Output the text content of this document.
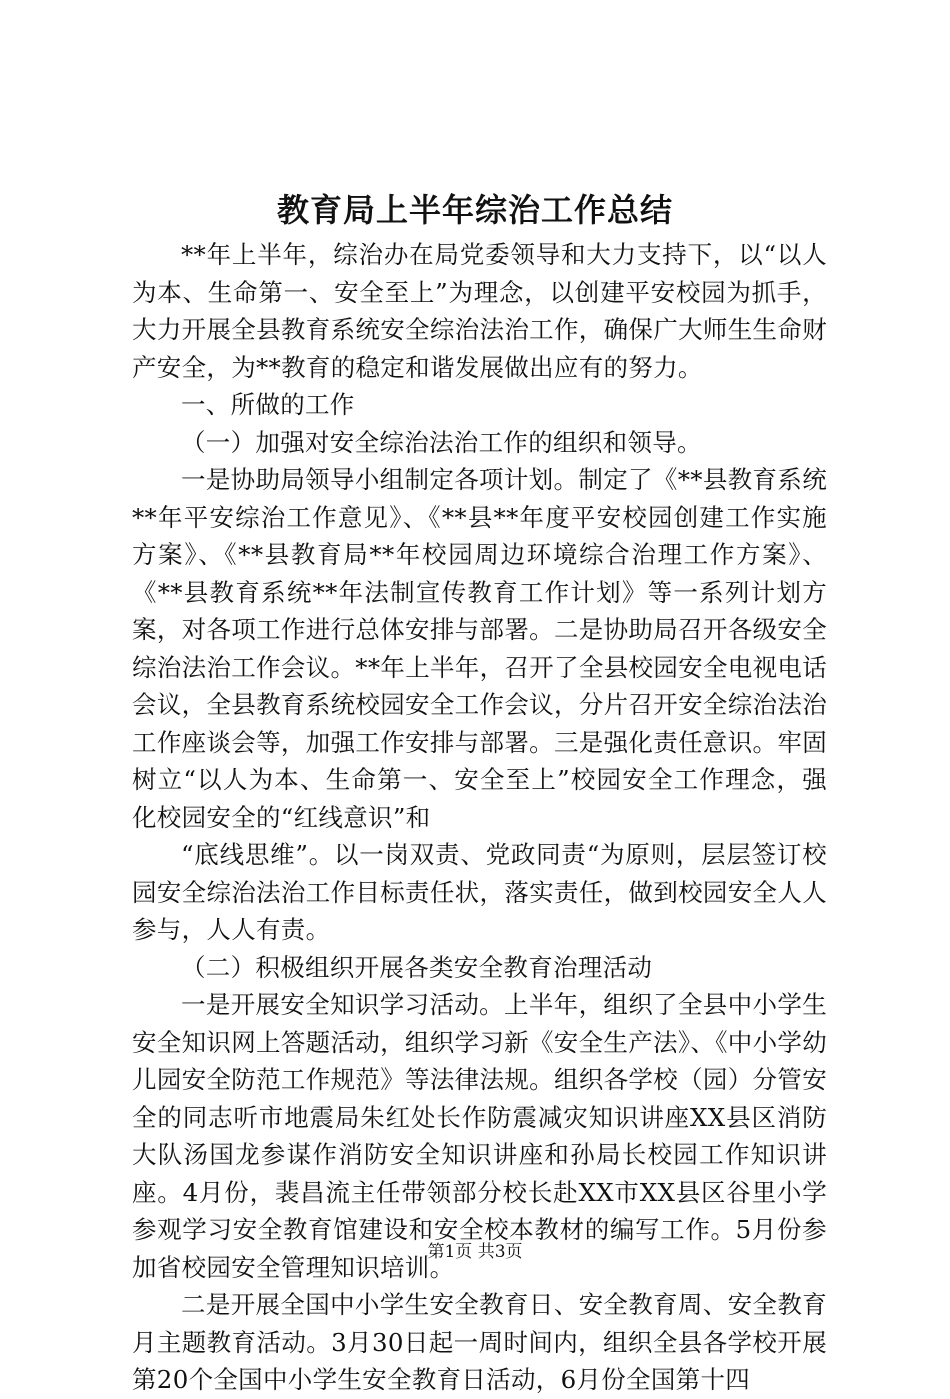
教育局上半年综治工作总结

**年上半年，综治办在局党委领导和大力支持下，以“以人为本、生命第一、安全至上”为理念，以创建平安校园为抓手，大力开展全县教育系统安全综治法治工作，确保广大师生生命财产安全，为**教育的稳定和谐发展做出应有的努力。

一、所做的工作

（一）加强对安全综治法治工作的组织和领导。

一是协助局领导小组制定各项计划。制定了《**县教育系统**年平安综治工作意见》、《**县**年度平安校园创建工作实施方案》、《**县教育局**年校园周边环境综合治理工作方案》、《**县教育系统**年法制宣传教育工作计划》等一系列计划方案，对各项工作进行总体安排与部署。二是协助局召开各级安全综治法治工作会议。**年上半年，召开了全县校园安全电视电话会议，全县教育系统校园安全工作会议，分片召开安全综治法治工作座谈会等，加强工作安排与部署。三是强化责任意识。牢固树立“以人为本、生命第一、安全至上”校园安全工作理念，强化校园安全的“红线意识”和

“底线思维”。以一岗双责、党政同责“为原则，层层签订校园安全综治法治工作目标责任状，落实责任，做到校园安全人人参与，人人有责。

（二）积极组织开展各类安全教育治理活动

一是开展安全知识学习活动。上半年，组织了全县中小学生安全知识网上答题活动，组织学习新《安全生产法》、《中小学幼儿园安全防范工作规范》等法律法规。组织各学校（园）分管安全的同志听市地震局朱红处长作防震减灾知识讲座XX县区消防大队汤国龙参谋作消防安全知识讲座和孙局长校园工作知识讲座。4月份，裴昌流主任带领部分校长赴XX市XX县区谷里小学参观学习安全教育馆建设和安全校本教材的编写工作。5月份参加省校园安全管理知识培训。

二是开展全国中小学生安全教育日、安全教育周、安全教育月主题教育活动。3月30日起一周时间内，组织全县各学校开展第20个全国中小学生安全教育日活动，6月份全国第十四

第1页 共3页
